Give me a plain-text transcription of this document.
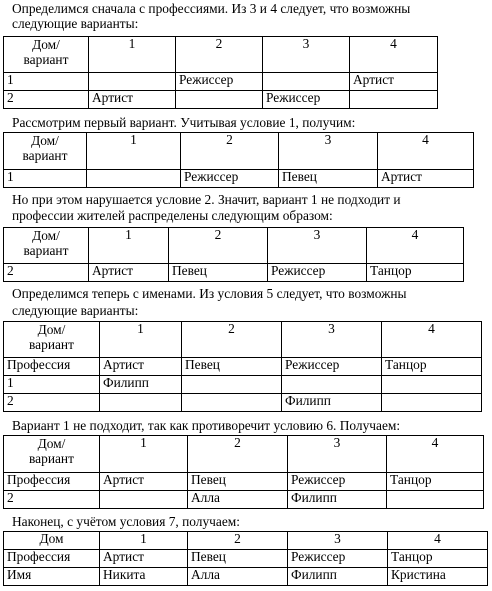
Определимся сначала с профессиями. Из 3 и 4 следует, что возможны

следующие варианты:

Дом/
вариант	1	2	3	4
1		Режиссер		Артист
2	Артист		Режиссер	

Рассмотрим первый вариант. Учитывая условие 1, получим:

Дом/
вариант	1	2	3	4
1		Режиссер	Певец	Артист

Но при этом нарушается условие 2. Значит, вариант 1 не подходит и

профессии жителей распределены следующим образом:

Дом/
вариант	1	2	3	4
2	Артист	Певец	Режиссер	Танцор

Определимся теперь с именами. Из условия 5 следует, что возможны

следующие варианты:

Дом/
вариант	1	2	3	4
Профессия	Артист	Певец	Режиссер	Танцор
1	Филипп			
2			Филипп	

Вариант 1 не подходит, так как противоречит условию 6. Получаем:

Дом/
вариант	1	2	3	4
Профессия	Артист	Певец	Режиссер	Танцор
2		Алла	Филипп	

Наконец, с учётом условия 7, получаем:

Дом	1	2	3	4
Профессия	Артист	Певец	Режиссер	Танцор
Имя	Никита	Алла	Филипп	Кристина
